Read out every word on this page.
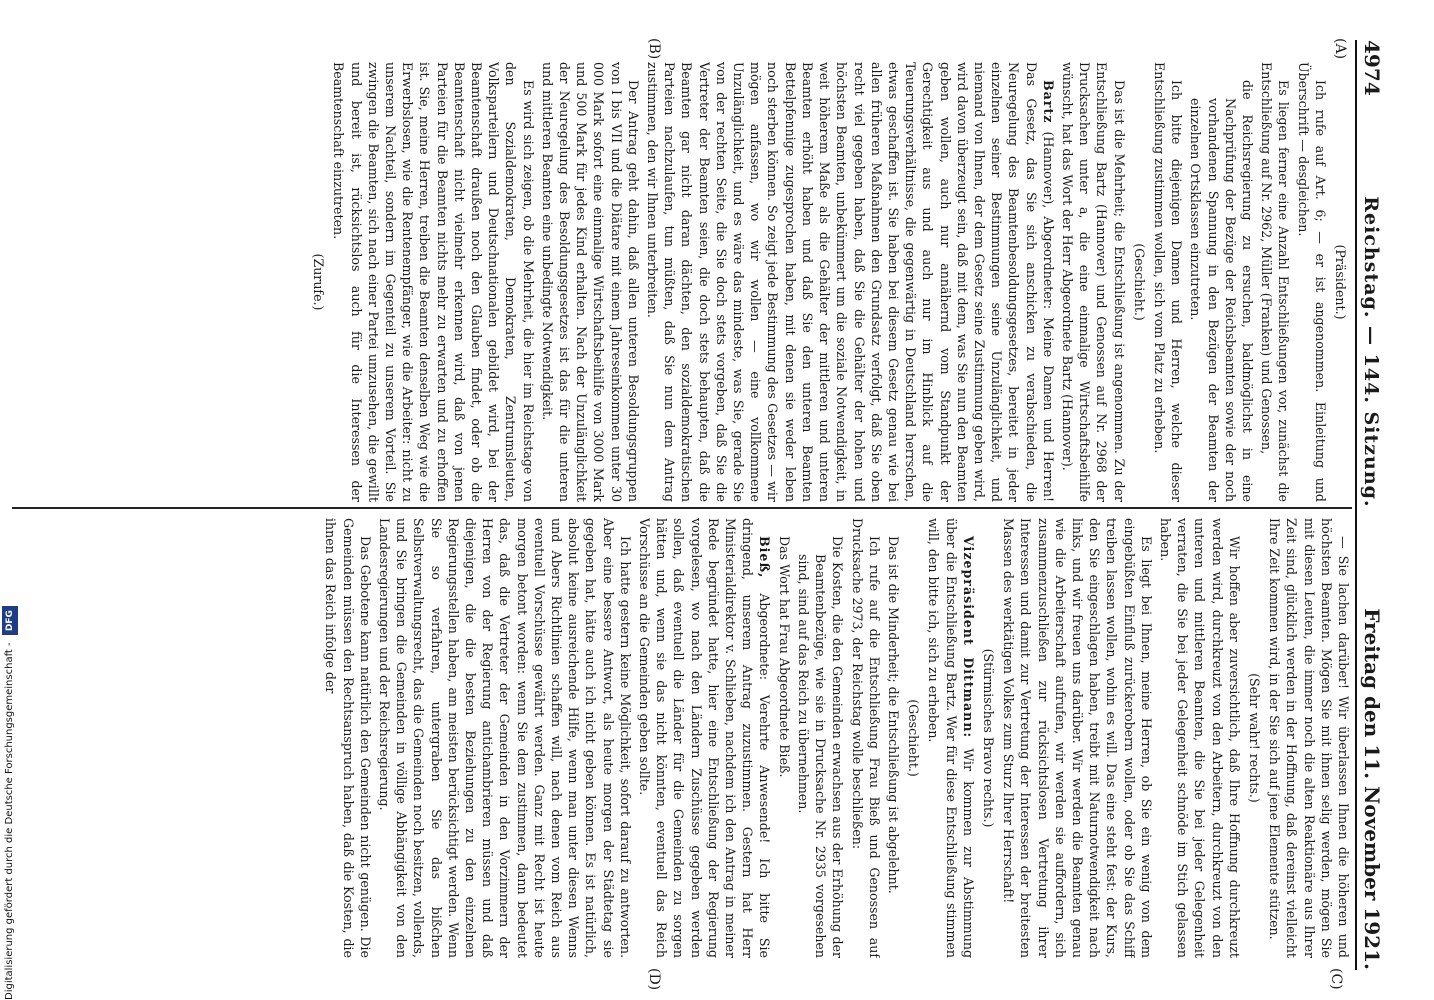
4974
Reichstag. — 144. Sitzung.
Freitag den 11. November 1921.
(A)
(B)
(C)
(D)

(Präsident.)

Ich rufe auf Art. 6; — er ist angenommen. Einleitung und Überschrift — desgleichen.

Es liegen ferner eine Anzahl Entschließungen vor, zunächst die Entschließung auf Nr. 2962, Müller (Franken) und Genossen,

die Reichsregierung zu ersuchen, baldmöglichst in eine Nachprüfung der Bezüge der Reichsbeamten sowie der noch vorhandenen Spannung in den Bezügen der Beamten der einzelnen Ortsklassen einzutreten.

Ich bitte diejenigen Damen und Herren, welche dieser Entschließung zustimmen wollen, sich vom Platz zu erheben.

(Geschieht.)

Das ist die Mehrheit; die Entschließung ist angenommen. Zu der Entschließung Bartz (Hannover) und Genossen auf Nr. 2968 der Drucksachen unter a, die eine einmalige Wirtschaftsbeihilfe wünscht, hat das Wort der Herr Abgeordnete Bartz (Hannover).

Bartz (Hannover), Abgeordneter: Meine Damen und Herren! Das Gesetz, das Sie sich anschicken zu verabschieden, die Neuregelung des Beamtenbesoldungsgesetzes, bereitet in jeder einzelnen seiner Bestimmungen seine Unzulänglichkeit, und niemand von Ihnen, der dem Gesetz seine Zustimmung geben wird, wird davon überzeugt sein, daß mit dem, was Sie nun den Beamten geben wollen, auch nur annähernd vom Standpunkt der Gerechtigkeit aus und auch nur im Hinblick auf die Teuerungsverhältnisse, die gegenwärtig in Deutschland herrschen, etwas geschaffen ist. Sie haben bei diesem Gesetz genau wie bei allen früheren Maßnahmen den Grundsatz verfolgt, daß Sie oben recht viel gegeben haben, daß Sie die Gehälter der hohen und höchsten Beamten, unbekümmert um die soziale Notwendigkeit, in weit höherem Maße als die Gehälter der mittleren und unteren Beamten erhöht haben und daß Sie den unteren Beamten Bettelpfennige zugesprochen haben, mit denen sie weder leben noch sterben können. So zeigt jede Bestimmung des Gesetzes — wir mögen anfassen, wo wir wollen — eine vollkommene Unzulänglichkeit, und es wäre das mindeste, was Sie, gerade Sie von der rechten Seite, die Sie doch stets vorgeben, daß Sie die Vertreter der Beamten seien, die doch stets behaupten, daß die Beamten gar nicht daran dächten, den sozialdemokratischen Parteien nachzulaufen, tun müßten, daß Sie nun dem Antrag zustimmen, den wir Ihnen unterbreiten.

Der Antrag geht dahin, daß allen unteren Besoldungsgruppen von I bis VII und die Diätare mit einem Jahreseinkommen unter 30 000 Mark sofort eine einmalige Wirtschaftsbeihilfe von 3000 Mark und 500 Mark für jedes Kind erhalten. Nach der Unzulänglichkeit der Neuregelung des Besoldungsgesetzes ist das für die unteren und mittleren Beamten eine unbedingte Notwendigkeit.

Es wird sich zeigen, ob die Mehrheit, die hier im Reichstage von den Sozialdemokraten, Demokraten, Zentrumsleuten, Volksparteilern und Deutschnationalen gebildet wird, bei der Beamtenschaft draußen noch den Glauben findet, oder ob die Beamtenschaft nicht vielmehr erkennen wird, daß von jenen Parteien für die Beamten nichts mehr zu erwarten und zu erhoffen ist. Sie, meine Herren, treiben die Beamten denselben Weg wie die Erwerbslosen, wie die Rentenempfänger, wie die Arbeiter: nicht zu unserem Nachteil, sondern im Gegenteil zu unserem Vorteil. Sie zwingen die Beamten, sich nach einer Partei umzusehen, die gewillt und bereit ist, rücksichtslos auch für die Interessen der Beamtenschaft einzutreten.

(Zurufe.)

— Sie lachen darüber! Wir überlassen Ihnen die höheren und höchsten Beamten. Mögen Sie mit ihnen selig werden, mögen Sie mit diesen Leuten, die immer noch die alten Reaktionäre aus Ihrer Zeit sind, glücklich werden in der Hoffnung, daß dereinst vielleicht Ihre Zeit kommen wird, in der Sie sich auf jene Elemente stützen.

(Sehr wahr! rechts.)

Wir hoffen aber zuversichtlich, daß Ihre Hoffnung durchkreuzt werden wird, durchkreuzt von den Arbeitern, durchkreuzt von den unteren und mittleren Beamten, die Sie bei jeder Gelegenheit verraten, die Sie bei jeder Gelegenheit schnöde im Stich gelassen haben.

Es liegt bei Ihnen, meine Herren, ob Sie ein wenig von dem eingebüßten Einfluß zurückerobern wollen, oder ob Sie das Schiff treiben lassen wollen, wohin es will. Das eine steht fest: der Kurs, den Sie eingeschlagen haben, treibt mit Naturnotwendigkeit nach links, und wir freuen uns darüber. Wir werden die Beamten genau wie die Arbeiterschaft aufrufen, wir werden sie auffordern, sich zusammenzuschließen zur rücksichtslosen Vertretung ihrer Interessen und damit zur Vertretung der Interessen der breitesten Massen des werktätigen Volkes zum Sturz Ihrer Herrschaft!

(Stürmisches Bravo rechts.)

Vizepräsident Dittmann: Wir kommen zur Abstimmung über die Entschließung Bartz. Wer für diese Entschließung stimmen will, den bitte ich, sich zu erheben.

(Geschieht.)

Das ist die Minderheit; die Entschließung ist abgelehnt.

Ich rufe auf die Entschließung Frau Bieß und Genossen auf Drucksache 2973, der Reichstag wolle beschließen:

Die Kosten, die den Gemeinden erwachsen aus der Erhöhung der Beamtenbezüge, wie sie in Drucksache Nr. 2935 vorgesehen sind, sind auf das Reich zu übernehmen.

Das Wort hat Frau Abgeordnete Bieß.

Bieß, Abgeordnete: Verehrte Anwesende! Ich bitte Sie dringend, unserem Antrag zuzustimmen. Gestern hat Herr Ministerialdirektor v. Schlieben, nachdem ich den Antrag in meiner Rede begründet hatte, hier eine Entschließung der Regierung vorgelesen, wo nach den Ländern Zuschüsse gegeben werden sollen, daß eventuell die Länder für die Gemeinden zu sorgen hätten und, wenn sie das nicht könnten, eventuell das Reich Vorschüsse an die Gemeinden geben sollte.

Ich hatte gestern keine Möglichkeit, sofort darauf zu antworten. Aber eine bessere Antwort, als heute morgen der Städtetag sie gegeben hat, hätte auch ich nicht geben können. Es ist natürlich, absolut keine ausreichende Hilfe, wenn man unter diesen Wenns und Abers Richtlinien schaffen will, nach denen vom Reich aus eventuell Vorschüsse gewährt werden. Ganz mit Recht ist heute morgen betont worden: wenn Sie dem zustimmen, dann bedeutet das, daß die Vertreter der Gemeinden in den Vorzimmern der Herren von der Regierung antichambrieren müssen und daß diejenigen, die die besten Beziehungen zu den einzelnen Regierungsstellen haben, am meisten berücksichtigt werden. Wenn Sie so verfahren, untergraben Sie das bißchen Selbstverwaltungsrecht, das die Gemeinden noch besitzen, vollends, und Sie bringen die Gemeinden in völlige Abhängigkeit von den Landesregierungen und der Reichsregierung.

Das Gebotene kann natürlich den Gemeinden nicht genügen. Die Gemeinden müssen den Rechtsanspruch haben, daß die Kosten, die ihnen das Reich infolge der

Digitalisierung gefördert durch die Deutsche Forschungsgemeinschaft - DFG
